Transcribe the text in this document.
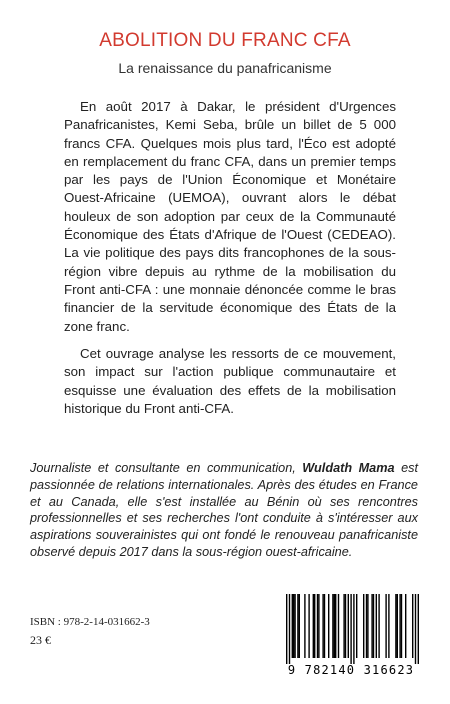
ABOLITION DU FRANC CFA

La renaissance du panafricanisme

En août 2017 à Dakar, le président d'Urgences Panafricanistes, Kemi Seba, brûle un billet de 5 000 francs CFA. Quelques mois plus tard, l'Éco est adopté en remplacement du franc CFA, dans un premier temps par les pays de l'Union Économique et Monétaire Ouest-Africaine (UEMOA), ouvrant alors le débat houleux de son adoption par ceux de la Communauté Économique des États d'Afrique de l'Ouest (CEDEAO). La vie politique des pays dits francophones de la sous-région vibre depuis au rythme de la mobilisation du Front anti-CFA : une monnaie dénoncée comme le bras financier de la servitude économique des États de la zone franc.

Cet ouvrage analyse les ressorts de ce mouvement, son impact sur l'action publique communautaire et esquisse une évaluation des effets de la mobilisation historique du Front anti-CFA.

Journaliste et consultante en communication, Wuldath Mama est passionnée de relations internationales. Après des études en France et au Canada, elle s'est installée au Bénin où ses rencontres professionnelles et ses recherches l'ont conduite à s'intéresser aux aspirations souverainistes qui ont fondé le renouveau panafricaniste observé depuis 2017 dans la sous-région ouest-africaine.

ISBN : 978-2-14-031662-3
23 €
9 782140 316623
